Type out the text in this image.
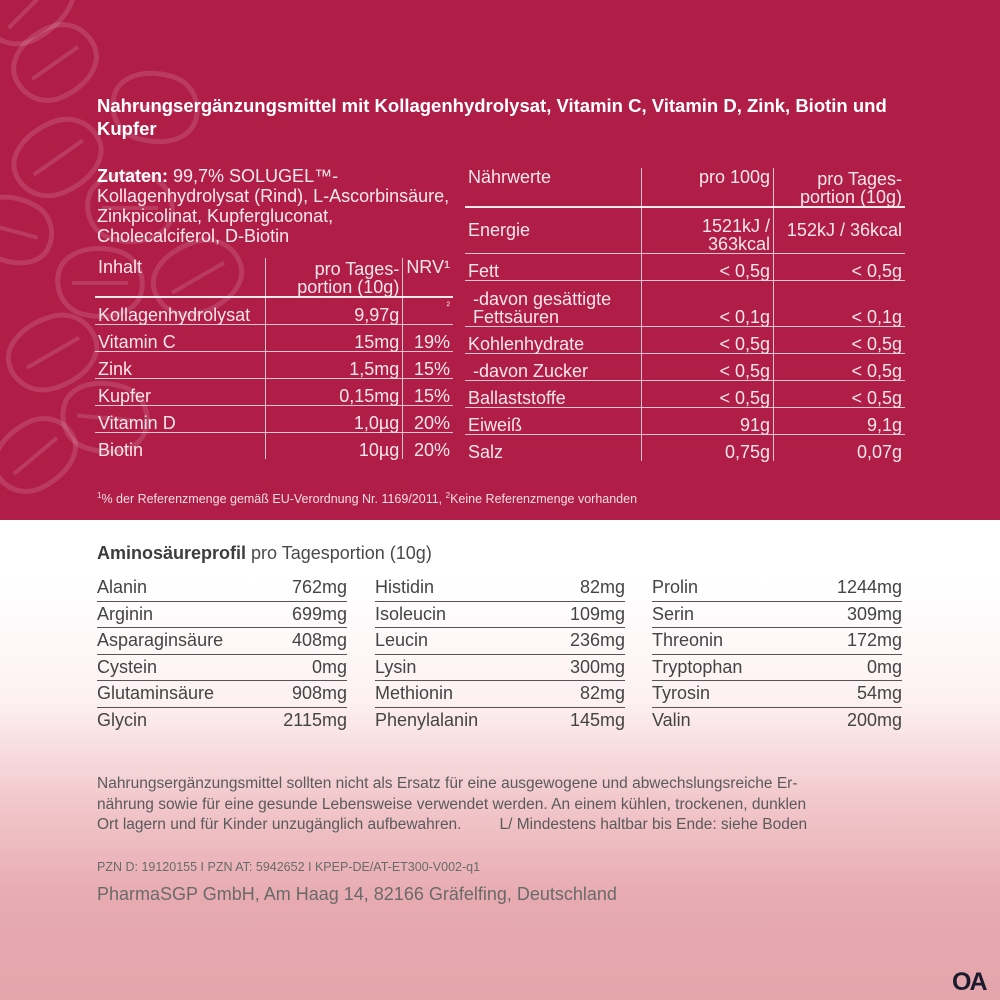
Nahrungsergänzungsmittel mit Kollagenhydrolysat, Vitamin C, Vitamin D, Zink, Biotin und Kupfer
Zutaten: 99,7% SOLUGEL™-Kollagenhydrolysat (Rind), L-Ascorbinsäure, Zinkpicolinat, Kupfergluconat, Cholecalciferol, D-Biotin
Inhalt	pro Tages-portion (10g)	NRV¹
Kollagenhydrolysat	9,97g	²
Vitamin C	15mg	19%
Zink	1,5mg	15%
Kupfer	0,15mg	15%
Vitamin D	1,0µg	20%
Biotin	10µg	20%
Nährwerte	pro 100g	pro Tages-portion (10g)
Energie	1521kJ / 363kcal	152kJ / 36kcal
Fett	< 0,5g	< 0,5g
-davon gesättigte Fettsäuren	< 0,1g	< 0,1g
Kohlenhydrate	< 0,5g	< 0,5g
-davon Zucker	< 0,5g	< 0,5g
Ballaststoffe	< 0,5g	< 0,5g
Eiweiß	91g	9,1g
Salz	0,75g	0,07g
$^1$% der Referenzmenge gemäß EU-Verordnung Nr. 1169/2011, $^2$Keine Referenzmenge vorhanden
Aminosäureprofil pro Tagesportion (10g)
Alanin	762mg
Arginin	699mg
Asparaginsäure	408mg
Cystein	0mg
Glutaminsäure	908mg
Glycin	2115mg
Histidin	82mg
Isoleucin	109mg
Leucin	236mg
Lysin	300mg
Methionin	82mg
Phenylalanin	145mg
Prolin	1244mg
Serin	309mg
Threonin	172mg
Tryptophan	0mg
Tyrosin	54mg
Valin	200mg
Nahrungsergänzungsmittel sollten nicht als Ersatz für eine ausgewogene und abwechslungsreiche Er-
nährung sowie für eine gesunde Lebensweise verwendet werden. An einem kühlen, trockenen, dunklen
Ort lagern und für Kinder unzugänglich aufbewahren. L/ Mindestens haltbar bis Ende: siehe Boden
PZN D: 19120155 I PZN AT: 5942652 I KPEP-DE/AT-ET300-V002-q1
PharmaSGP GmbH, Am Haag 14, 82166 Gräfelfing, Deutschland
OA
